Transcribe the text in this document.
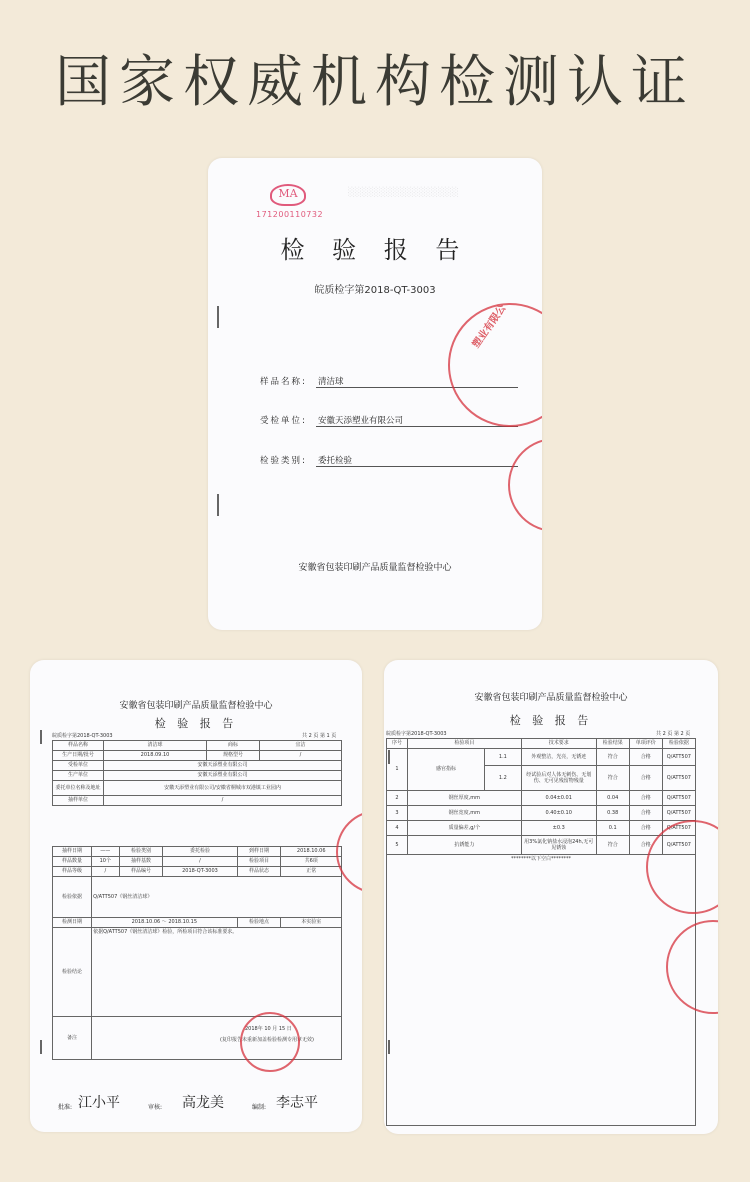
国家权威机构检测认证
MA
171200110732
░░░░░░░░░░░░░░░░
检 验 报 告
皖质检字第2018-QT-3003
样品名称: 清洁球
受检单位: 安徽天添塑业有限公司
检验类别: 委托检验
塑业有限公
安徽省包装印刷产品质量监督检验中心
安徽省包装印刷产品质量监督检验中心
检 验 报 告
皖质检字第2018-QT-3003	共 2 页 第 1 页
样品名称	清洁球	商标	宜洁
生产日期/批号	2018.09.10	规格型号	/
受检单位	安徽天添塑业有限公司		
生产单位	安徽天添塑业有限公司		
委托单位名称及地址	安徽天添塑业有限公司/安徽省桐城市双港镇工业园内		
抽样单位	/		
抽样日期	——	检验类别	委托检验	到样日期	2018.10.06
样品数量	10个	抽样基数	/	检验项目	共6项
样品等级	/	样品编号	2018-QT-3003	样品状态	正常
检验依据	Q/ATT507《钢丝清洁球》				
检测日期	2018.10.06 ～ 2018.10.15			检验地点	本实验室
检验结论	依据Q/ATT507《钢丝清洁球》检验，所检项目符合该标准要求。				

备注					
2018年 10 月 15 日
(复印报告未重新加盖检验检测专用章无效)
批准: 江小平	审核: 高龙美	编制: 李志平
安徽省包装印刷产品质量监督检验中心
检 验 报 告
皖质检字第2018-QT-3003	共 2 页 第 2 页
序号	检验项目		技术要求	检验结果	单项评价	检验依据
1	感官指标	1.1	外观整洁，光亮，无锈迹	符合	合格	Q/ATT507
		1.2	经试验后对人体无刺伤、无划伤、无可见残留物残量	符合	合格	Q/ATT507
2	钢丝厚度,mm		0.04±0.01	0.04	合格	Q/ATT507
3	钢丝宽度,mm		0.40±0.10	0.38	合格	Q/ATT507
4	质量偏差,g/个		±0.3	0.1	合格	Q/ATT507
5	抗锈能力		用3%氯化钠盐水浸泡24h,无可见锈蚀	符合	合格	Q/ATT507
********以下空白********						
